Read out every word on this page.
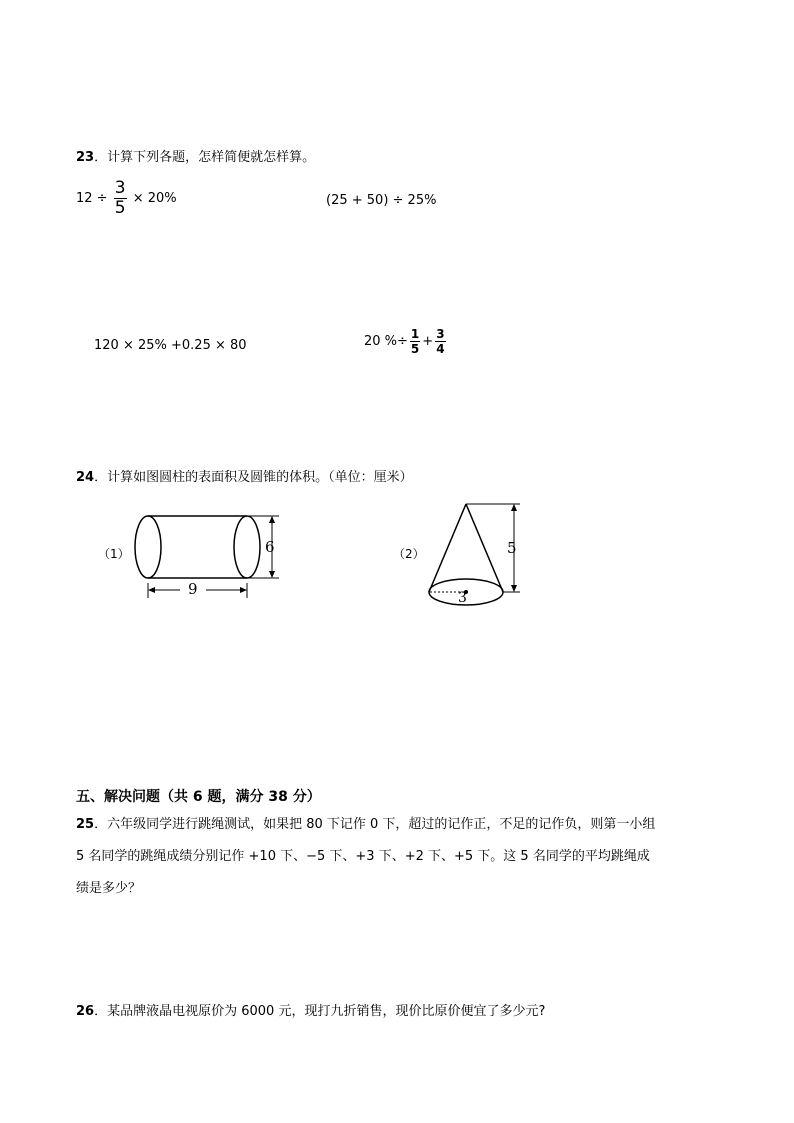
23．计算下列各题，怎样简便就怎样算。
$12 \div \frac{3}{5} \times 20\%$	(25 + 50) ÷ 25%
120 × 25% +0.25 × 80	20 %÷ $\frac{1}{5} + \frac{3}{4}$
24．计算如图圆柱的表面积及圆锥的体积。（单位：厘米）
（1）	6
9
（2）	5
3
五、解决问题（共 6 题，满分 38 分）
25．六年级同学进行跳绳测试，如果把 80 下记作 0 下，超过的记作正，不足的记作负，则第一小组
5 名同学的跳绳成绩分别记作 +10 下、−5 下、+3 下、+2 下、+5 下。这 5 名同学的平均跳绳成
绩是多少？
26．某品牌液晶电视原价为 6000 元，现打九折销售，现价比原价便宜了多少元?
